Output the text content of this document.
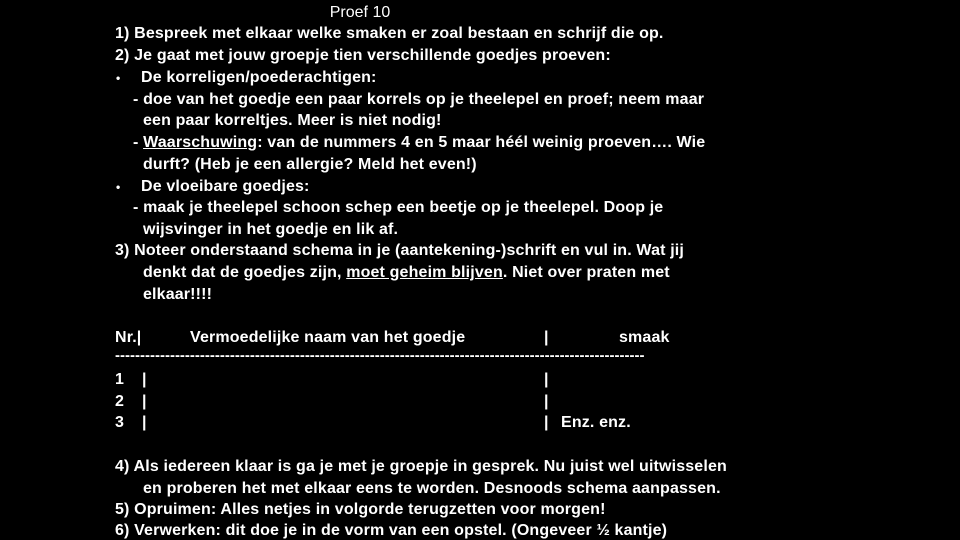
Proef 10
1) Bespreek met elkaar welke smaken er zoal bestaan en schrijf die op.
2) Je gaat met jouw groepje tien verschillende goedjes proeven:
• De korreligen/poederachtigen:
- doe van het goedje een paar korrels op je theelepel en proef; neem maar
een paar korreltjes. Meer is niet nodig!
- Waarschuwing: van de nummers 4 en 5 maar héél weinig proeven…. Wie
durft? (Heb je een allergie? Meld het even!)
• De vloeibare goedjes:
- maak je theelepel schoon schep een beetje op je theelepel. Doop je
wijsvinger in het goedje en lik af.
3) Noteer onderstaand schema in je (aantekening-)schrift en vul in. Wat jij
denkt dat de goedjes zijn, moet geheim blijven. Niet over praten met
elkaar!!!!
Nr.|	Vermoedelijke naam van het goedje	|	smaak
----------------------------------------------------------------------------------------------------------
1 |	|
2 |	|
3 |	| Enz. enz.
4) Als iedereen klaar is ga je met je groepje in gesprek. Nu juist wel uitwisselen
en proberen het met elkaar eens te worden. Desnoods schema aanpassen.
5) Opruimen: Alles netjes in volgorde terugzetten voor morgen!
6) Verwerken: dit doe je in de vorm van een opstel. (Ongeveer ½ kantje)
